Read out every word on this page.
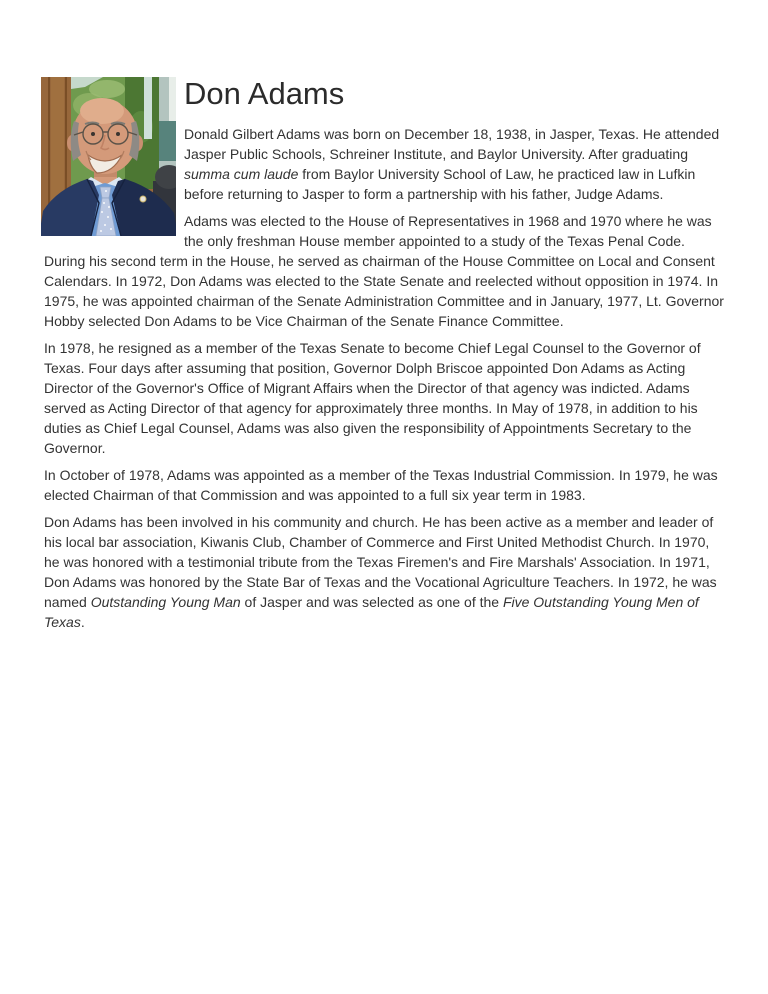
Don Adams

Donald Gilbert Adams was born on December 18, 1938, in Jasper, Texas. He attended Jasper Public Schools, Schreiner Institute, and Baylor University. After graduating summa cum laude from Baylor University School of Law, he practiced law in Lufkin before returning to Jasper to form a partnership with his father, Judge Adams.

Adams was elected to the House of Representatives in 1968 and 1970 where he was the only freshman House member appointed to a study of the Texas Penal Code. During his second term in the House, he served as chairman of the House Committee on Local and Consent Calendars. In 1972, Don Adams was elected to the State Senate and reelected without opposition in 1974. In 1975, he was appointed chairman of the Senate Administration Committee and in January, 1977, Lt. Governor Hobby selected Don Adams to be Vice Chairman of the Senate Finance Committee.

In 1978, he resigned as a member of the Texas Senate to become Chief Legal Counsel to the Governor of Texas. Four days after assuming that position, Governor Dolph Briscoe appointed Don Adams as Acting Director of the Governor's Office of Migrant Affairs when the Director of that agency was indicted. Adams served as Acting Director of that agency for approximately three months. In May of 1978, in addition to his duties as Chief Legal Counsel, Adams was also given the responsibility of Appointments Secretary to the Governor.

In October of 1978, Adams was appointed as a member of the Texas Industrial Commission. In 1979, he was elected Chairman of that Commission and was appointed to a full six year term in 1983.

Don Adams has been involved in his community and church. He has been active as a member and leader of his local bar association, Kiwanis Club, Chamber of Commerce and First United Methodist Church. In 1970, he was honored with a testimonial tribute from the Texas Firemen's and Fire Marshals' Association. In 1971, Don Adams was honored by the State Bar of Texas and the Vocational Agriculture Teachers. In 1972, he was named Outstanding Young Man of Jasper and was selected as one of the Five Outstanding Young Men of Texas.
